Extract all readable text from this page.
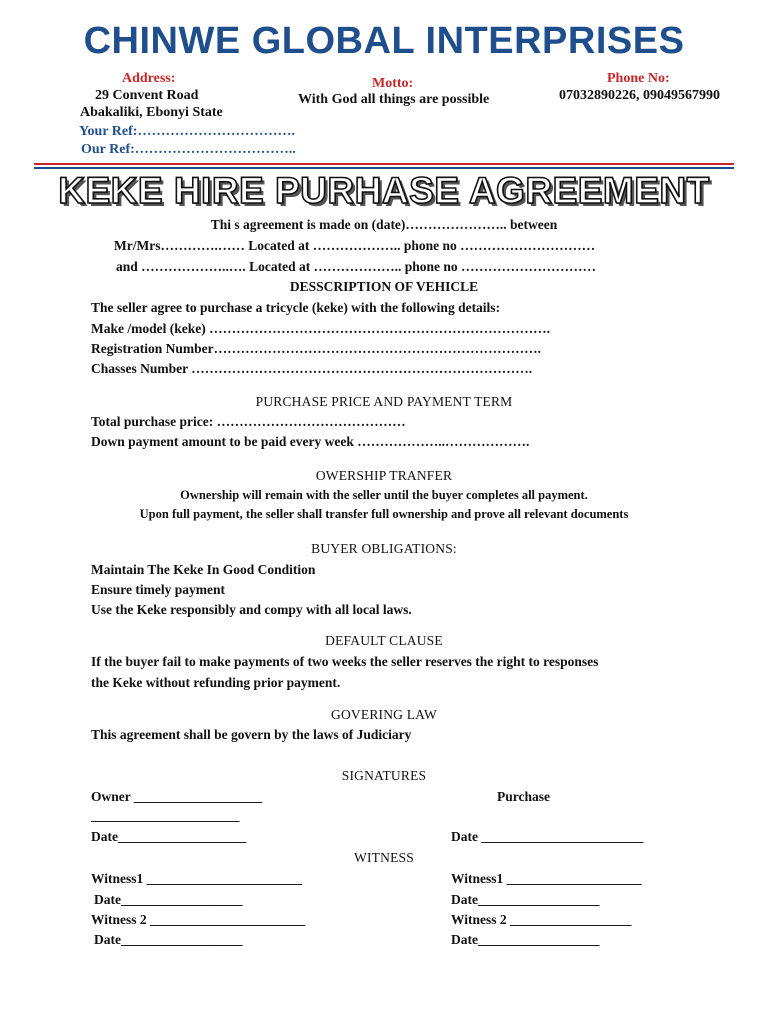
CHINWE GLOBAL INTERPRISES
Address:
29 Convent Road
Abakaliki, Ebonyi State
Motto:
With God all things are possible
Phone No:
07032890226, 09049567990
Your Ref:…………………………….
Our Ref:……………………………..
KEKE HIRE PURHASE AGREEMENT
Thi s agreement is made on (date)………………….. between
Mr/Mrs………….…… Located at ……………….. phone no …………………………
and ………………..…. Located at ……………….. phone no …………………………
DESSCRIPTION OF VEHICLE
The seller agree to purchase a tricycle (keke) with the following details:
Make /model (keke) ………………………………………………………………….
Registration Number……………………………………………………………….
Chasses Number ………………………………………………………………….
PURCHASE PRICE AND PAYMENT TERM
Total purchase price: ……………………………………
Down payment amount to be paid every week ………………..……………….
OWERSHIP TRANFER
Ownership will remain with the seller until the buyer completes all payment.
Upon full payment, the seller shall transfer full ownership and prove all relevant documents
BUYER OBLIGATIONS:
Maintain The Keke In Good Condition
Ensure timely payment
Use the Keke responsibly and compy with all local laws.
DEFAULT CLAUSE
If the buyer fail to make payments of two weeks the seller reserves the right to responses
the Keke without refunding prior payment.
GOVERING LAW
This agreement shall be govern by the laws of Judiciary
SIGNATURES
Owner ___________________	Purchase
______________________
Date___________________	Date ________________________
WITNESS
Witness1 _______________________	Witness1 ____________________
Date__________________	Date__________________
Witness 2 _______________________	Witness 2 __________________
Date__________________	Date__________________
